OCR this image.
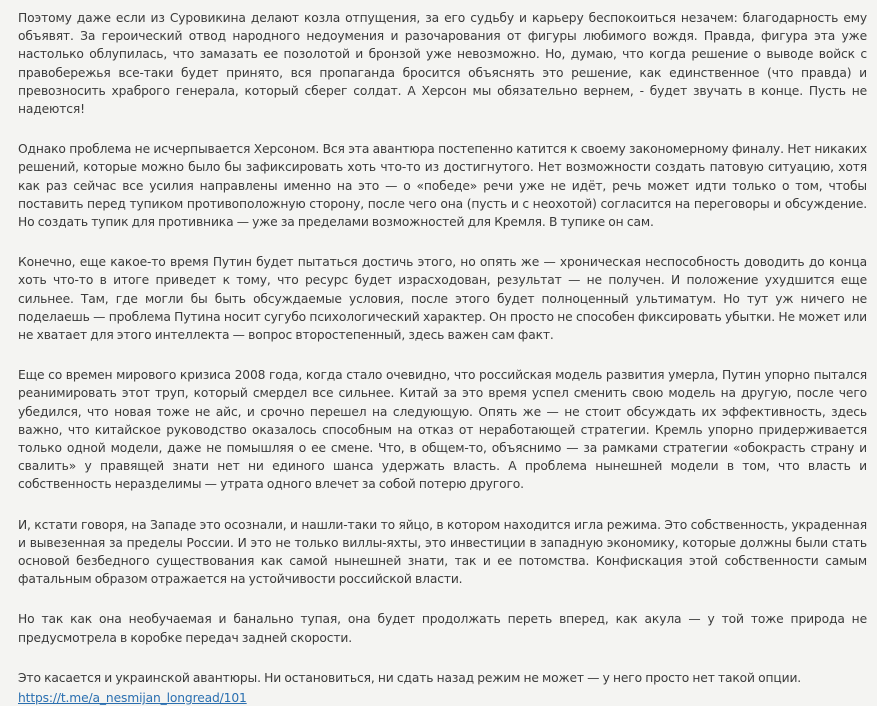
Поэтому даже если из Суровикина делают козла отпущения, за его судьбу и карьеру беспокоиться незачем: благодарность ему объявят. За героический отвод народного недоумения и разочарования от фигуры любимого вождя. Правда, фигура эта уже настолько облупилась, что замазать ее позолотой и бронзой уже невозможно. Но, думаю, что когда решение о выводе войск с правобережья все-таки будет принято, вся пропаганда бросится объяснять это решение, как единственное (что правда) и превозносить храброго генерала, который сберег солдат. А Херсон мы обязательно вернем, - будет звучать в конце. Пусть не надеются!

Однако проблема не исчерпывается Херсоном. Вся эта авантюра постепенно катится к своему закономерному финалу. Нет никаких решений, которые можно было бы зафиксировать хоть что-то из достигнутого. Нет возможности создать патовую ситуацию, хотя как раз сейчас все усилия направлены именно на это — о «победе» речи уже не идёт, речь может идти только о том, чтобы поставить перед тупиком противоположную сторону, после чего она (пусть и с неохотой) согласится на переговоры и обсуждение. Но создать тупик для противника — уже за пределами возможностей для Кремля. В тупике он сам.

Конечно, еще какое-то время Путин будет пытаться достичь этого, но опять же — хроническая неспособность доводить до конца хоть что-то в итоге приведет к тому, что ресурс будет израсходован, результат — не получен. И положение ухудшится еще сильнее. Там, где могли бы быть обсуждаемые условия, после этого будет полноценный ультиматум. Но тут уж ничего не поделаешь — проблема Путина носит сугубо психологический характер. Он просто не способен фиксировать убытки. Не может или не хватает для этого интеллекта — вопрос второстепенный, здесь важен сам факт.

Еще со времен мирового кризиса 2008 года, когда стало очевидно, что российская модель развития умерла, Путин упорно пытался реанимировать этот труп, который смердел все сильнее. Китай за это время успел сменить свою модель на другую, после чего убедился, что новая тоже не айс, и срочно перешел на следующую. Опять же — не стоит обсуждать их эффективность, здесь важно, что китайское руководство оказалось способным на отказ от неработающей стратегии. Кремль упорно придерживается только одной модели, даже не помышляя о ее смене. Что, в общем-то, объяснимо — за рамками стратегии «обокрасть страну и свалить» у правящей знати нет ни единого шанса удержать власть. А проблема нынешней модели в том, что власть и собственность неразделимы — утрата одного влечет за собой потерю другого.

И, кстати говоря, на Западе это осознали, и нашли-таки то яйцо, в котором находится игла режима. Это собственность, украденная и вывезенная за пределы России. И это не только виллы-яхты, это инвестиции в западную экономику, которые должны были стать основой безбедного существования как самой нынешней знати, так и ее потомства. Конфискация этой собственности самым фатальным образом отражается на устойчивости российской власти.

Но так как она необучаемая и банально тупая, она будет продолжать переть вперед, как акула — у той тоже природа не предусмотрела в коробке передач задней скорости.

Это касается и украинской авантюры. Ни остановиться, ни сдать назад режим не может — у него просто нет такой опции.

https://t.me/a_nesmijan_longread/101
